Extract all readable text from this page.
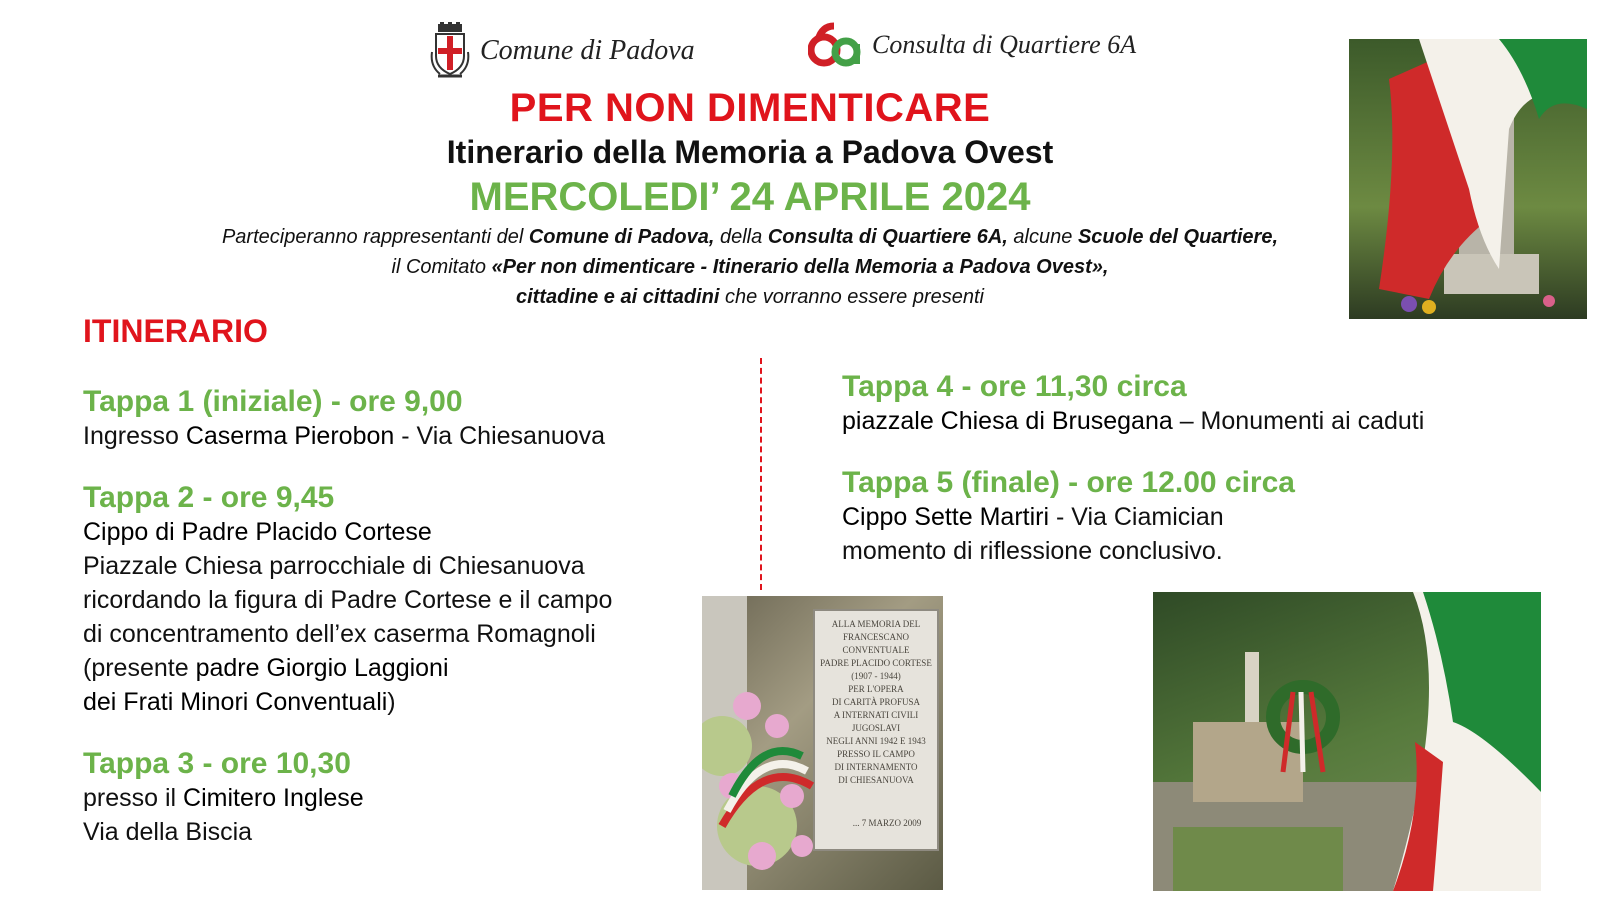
Comune di Padova
6A
Consulta di Quartiere 6A
PER NON DIMENTICARE
Itinerario della Memoria a Padova Ovest
MERCOLEDI’ 24 APRILE 2024
Parteciperanno rappresentanti del Comune di Padova, della Consulta di Quartiere 6A, alcune Scuole del Quartiere,
il Comitato «Per non dimenticare - Itinerario della Memoria a Padova Ovest»,
cittadine e ai cittadini che vorranno essere presenti
ITINERARIO
Tappa 1 (iniziale) - ore 9,00
Ingresso Caserma Pierobon - Via Chiesanuova
Tappa 2 - ore 9,45
Cippo di Padre Placido Cortese
Piazzale Chiesa parrocchiale di Chiesanuova
ricordando la figura di Padre Cortese e il campo
di concentramento dell’ex caserma Romagnoli
(presente padre Giorgio Laggioni
dei Frati Minori Conventuali)
Tappa 3 - ore 10,30
presso il Cimitero Inglese
Via della Biscia
Tappa 4 - ore 11,30 circa
piazzale Chiesa di Brusegana – Monumenti ai caduti
Tappa 5 (finale) - ore 12.00 circa
Cippo Sette Martiri - Via Ciamician
momento di riflessione conclusivo.
ALLA MEMORIA DEL
FRANCESCANO
CONVENTUALE
PADRE PLACIDO CORTESE
(1907 - 1944)
PER L'OPERA
DI CARITÀ PROFUSA
A INTERNATI CIVILI
JUGOSLAVI
NEGLI ANNI 1942 E 1943
PRESSO IL CAMPO
DI INTERNAMENTO
DI CHIESANUOVA
... 7 MARZO 2009
